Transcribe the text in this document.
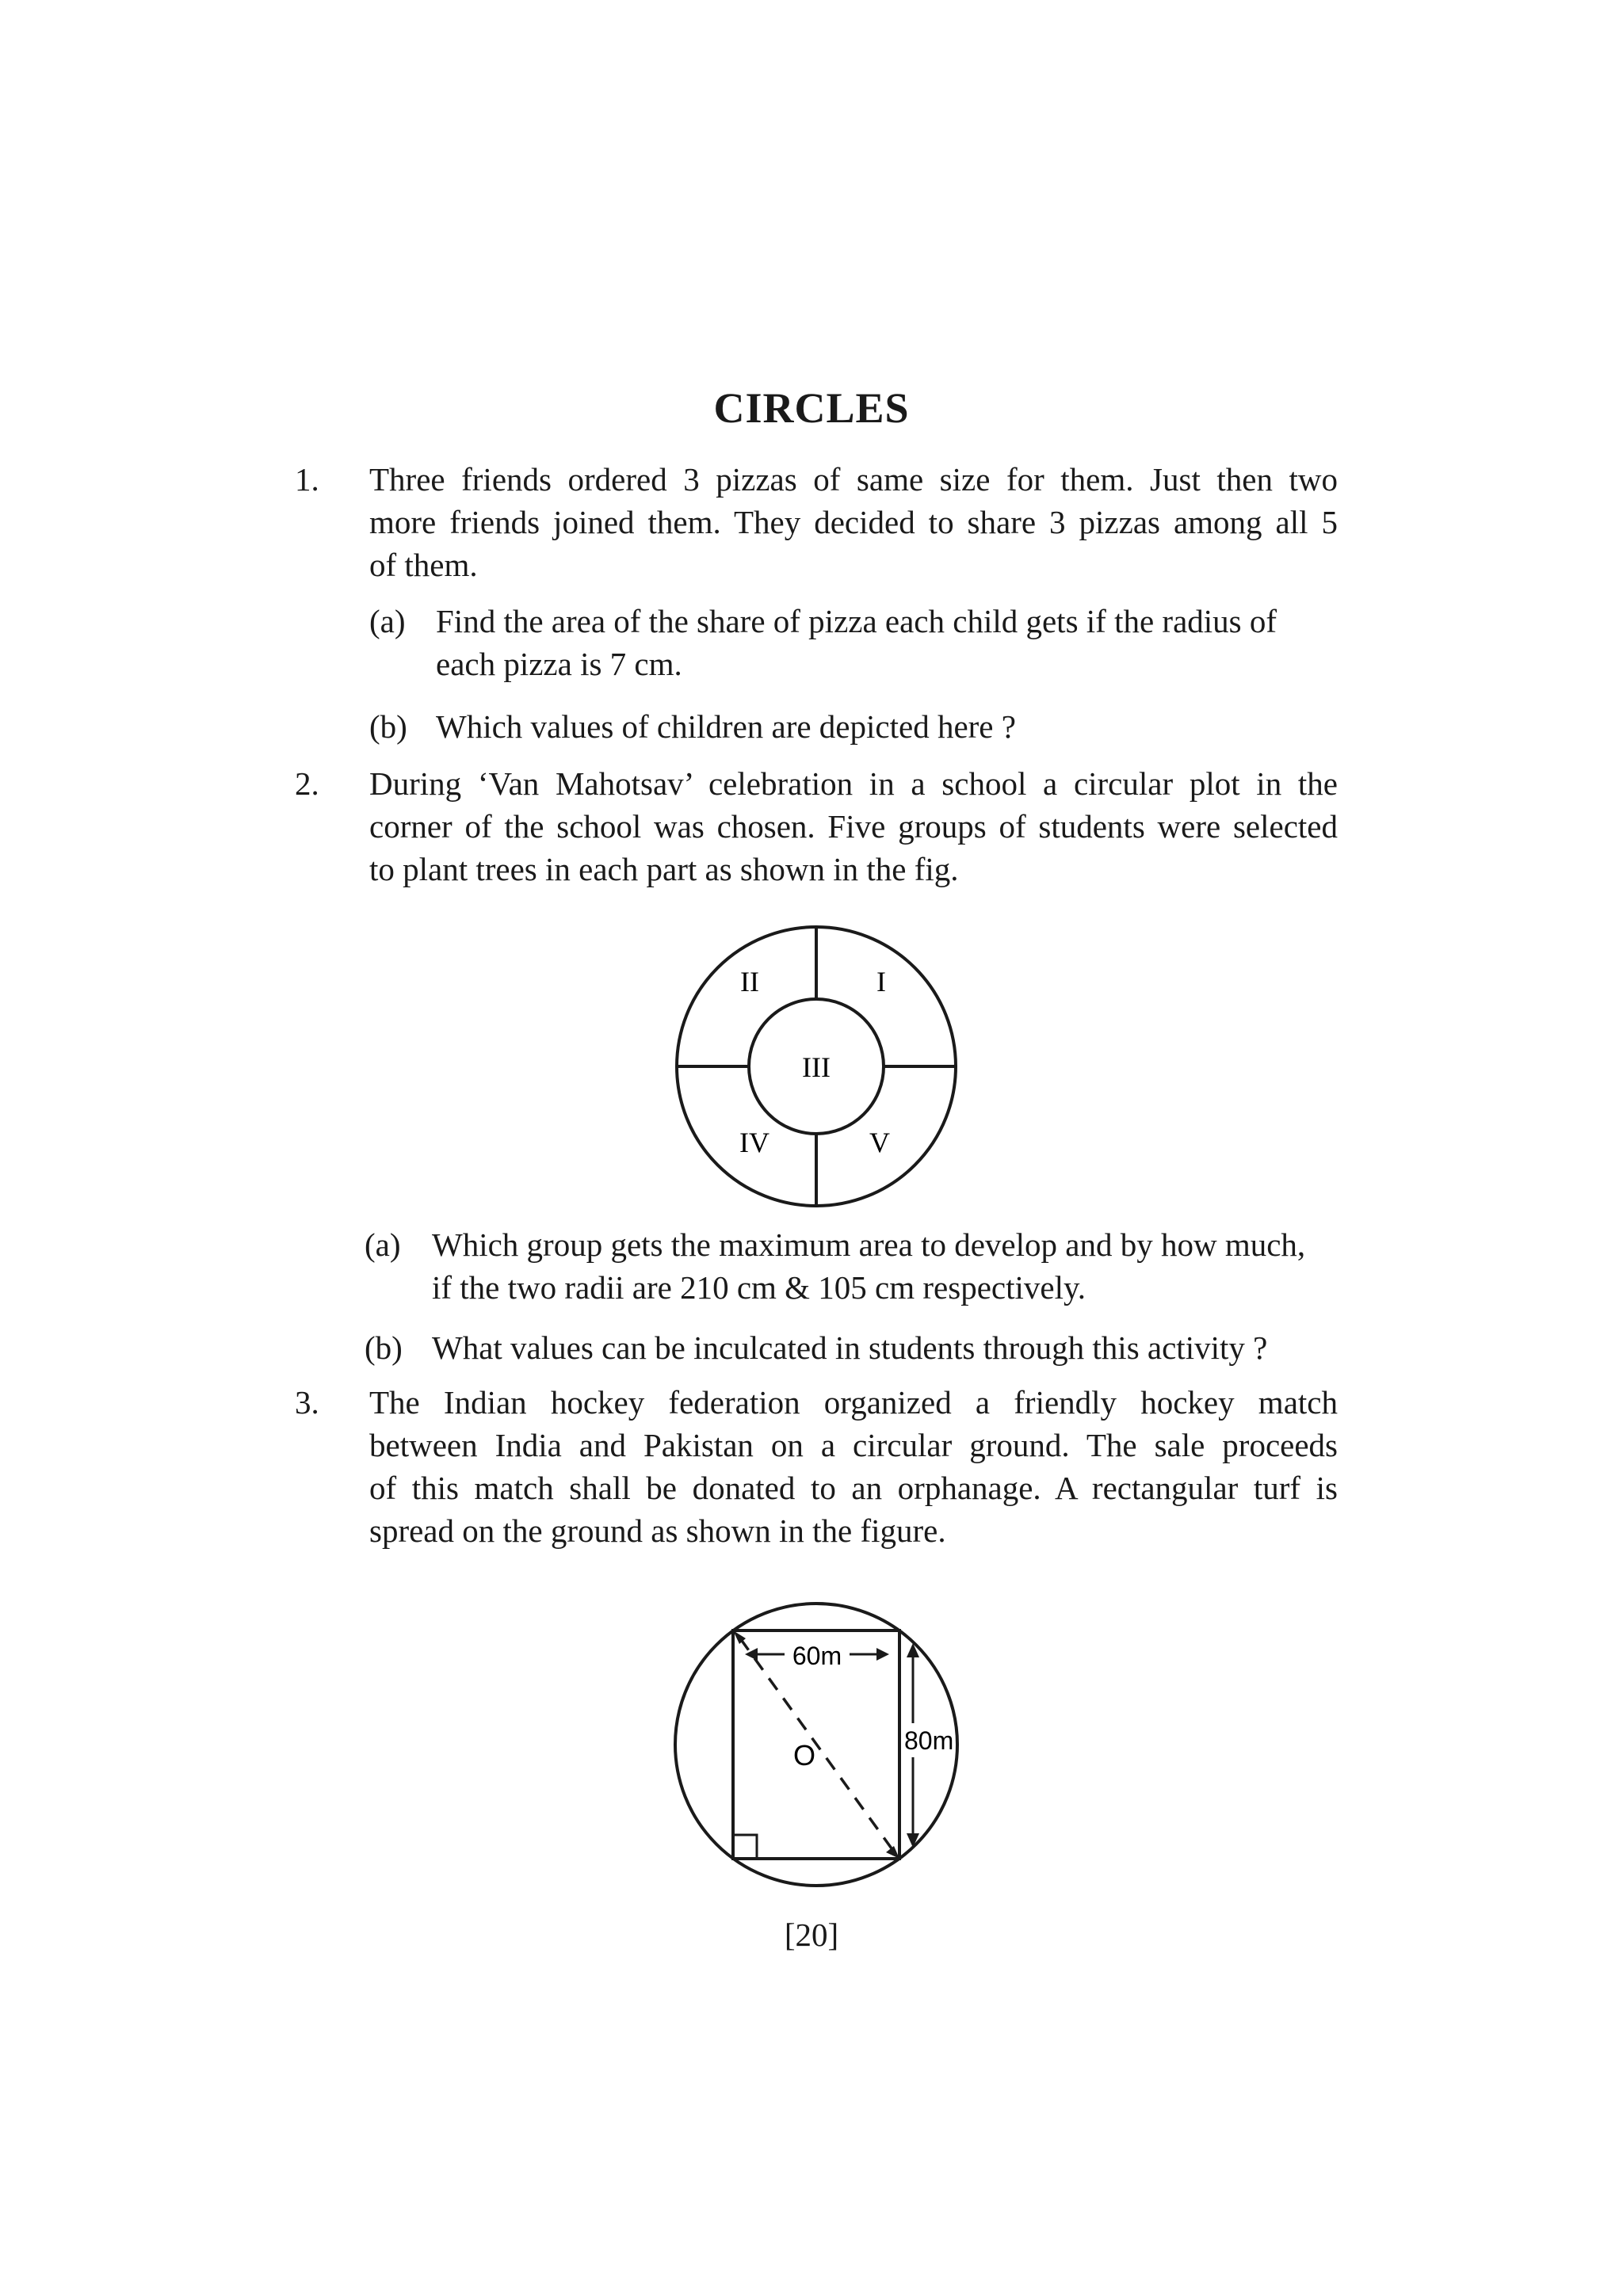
CIRCLES
1. Three friends ordered 3 pizzas of same size for them. Just then two
more friends joined them. They decided to share 3 pizzas among all 5
of them.
(a) Find the area of the share of pizza each child gets if the radius of
each pizza is 7 cm.
(b) Which values of children are depicted here ?
2. During ‘Van Mahotsav’ celebration in a school a circular plot in the
corner of the school was chosen. Five groups of students were selected
to plant trees in each part as shown in the fig.
II	I
III
IV	V
(a) Which group gets the maximum area to develop and by how much,
if the two radii are 210 cm & 105 cm respectively.
(b) What values can be inculcated in students through this activity ?
3. The Indian hockey federation organized a friendly hockey match
between India and Pakistan on a circular ground. The sale proceeds
of this match shall be donated to an orphanage. A rectangular turf is
spread on the ground as shown in the figure.
60m
80m
O
[20]
